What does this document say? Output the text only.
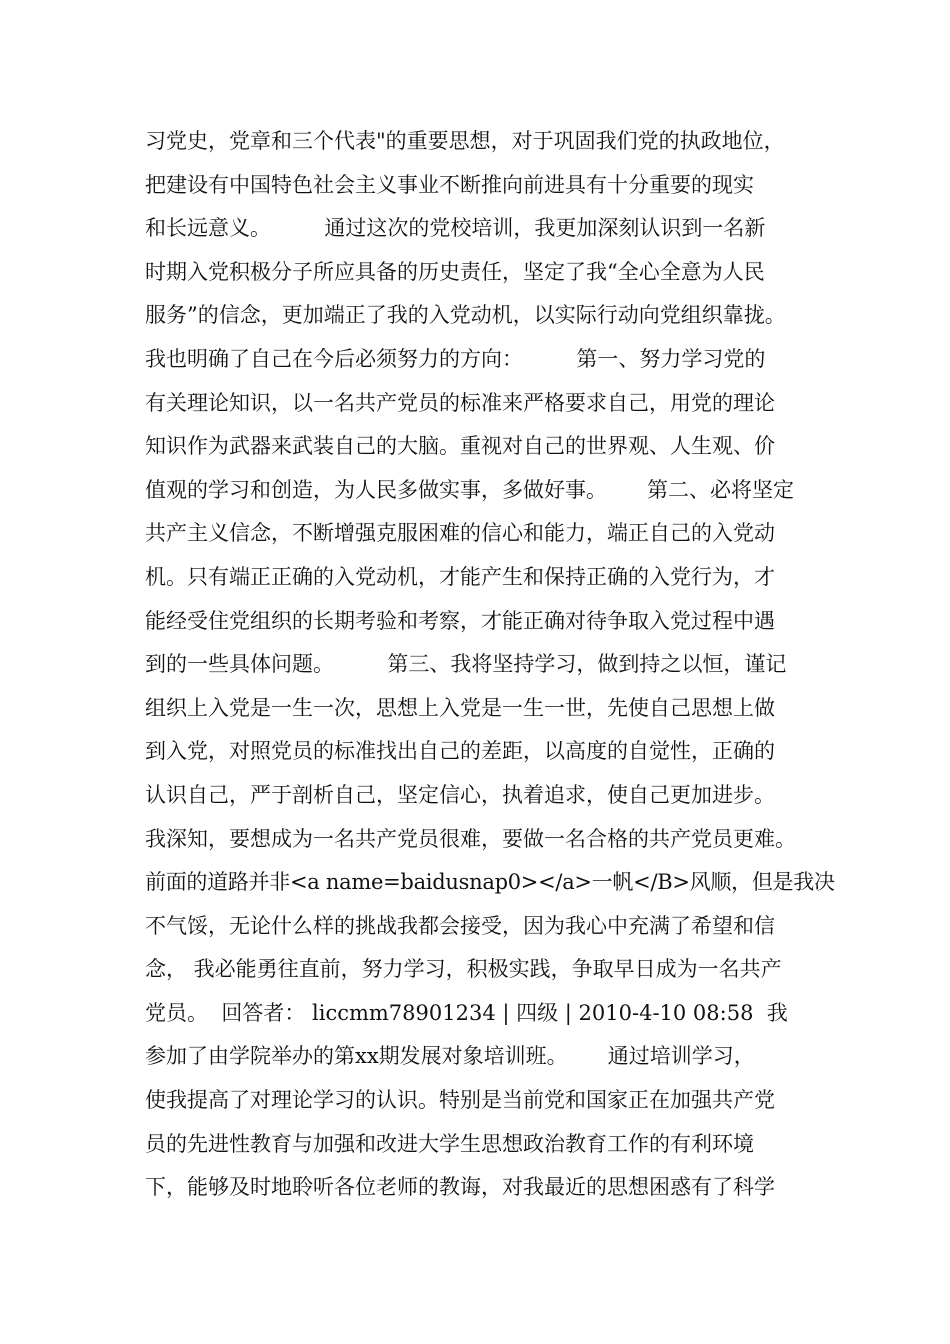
习党史，党章和三个代表"的重要思想，对于巩固我们党的执政地位，
把建设有中国特色社会主义事业不断推向前进具有十分重要的现实
和长远意义。        通过这次的党校培训，我更加深刻认识到一名新
时期入党积极分子所应具备的历史责任，坚定了我“全心全意为人民
服务”的信念，更加端正了我的入党动机，以实际行动向党组织靠拢。
我也明确了自己在今后必须努力的方向：        第一、努力学习党的
有关理论知识，以一名共产党员的标准来严格要求自己，用党的理论
知识作为武器来武装自己的大脑。重视对自己的世界观、人生观、价
值观的学习和创造，为人民多做实事，多做好事。      第二、必将坚定
共产主义信念，不断增强克服困难的信心和能力，端正自己的入党动
机。只有端正正确的入党动机，才能产生和保持正确的入党行为，才
能经受住党组织的长期考验和考察，才能正确对待争取入党过程中遇
到的一些具体问题。        第三、我将坚持学习，做到持之以恒，谨记
组织上入党是一生一次，思想上入党是一生一世，先使自己思想上做
到入党，对照党员的标准找出自己的差距，以高度的自觉性，正确的
认识自己，严于剖析自己，坚定信心，执着追求，使自己更加进步。
我深知，要想成为一名共产党员很难，要做一名合格的共产党员更难。
前面的道路并非<a name=baidusnap0></a>一帆</B>风顺，但是我决
不气馁，无论什么样的挑战我都会接受，因为我心中充满了希望和信
念， 我必能勇往直前，努力学习，积极实践，争取早日成为一名共产
党员。  回答者： liccmm78901234 | 四级 | 2010-4-10 08:58  我
参加了由学院举办的第xx期发展对象培训班。      通过培训学习，
使我提高了对理论学习的认识。特别是当前党和国家正在加强共产党
员的先进性教育与加强和改进大学生思想政治教育工作的有利环境
下，能够及时地聆听各位老师的教诲，对我最近的思想困惑有了科学
